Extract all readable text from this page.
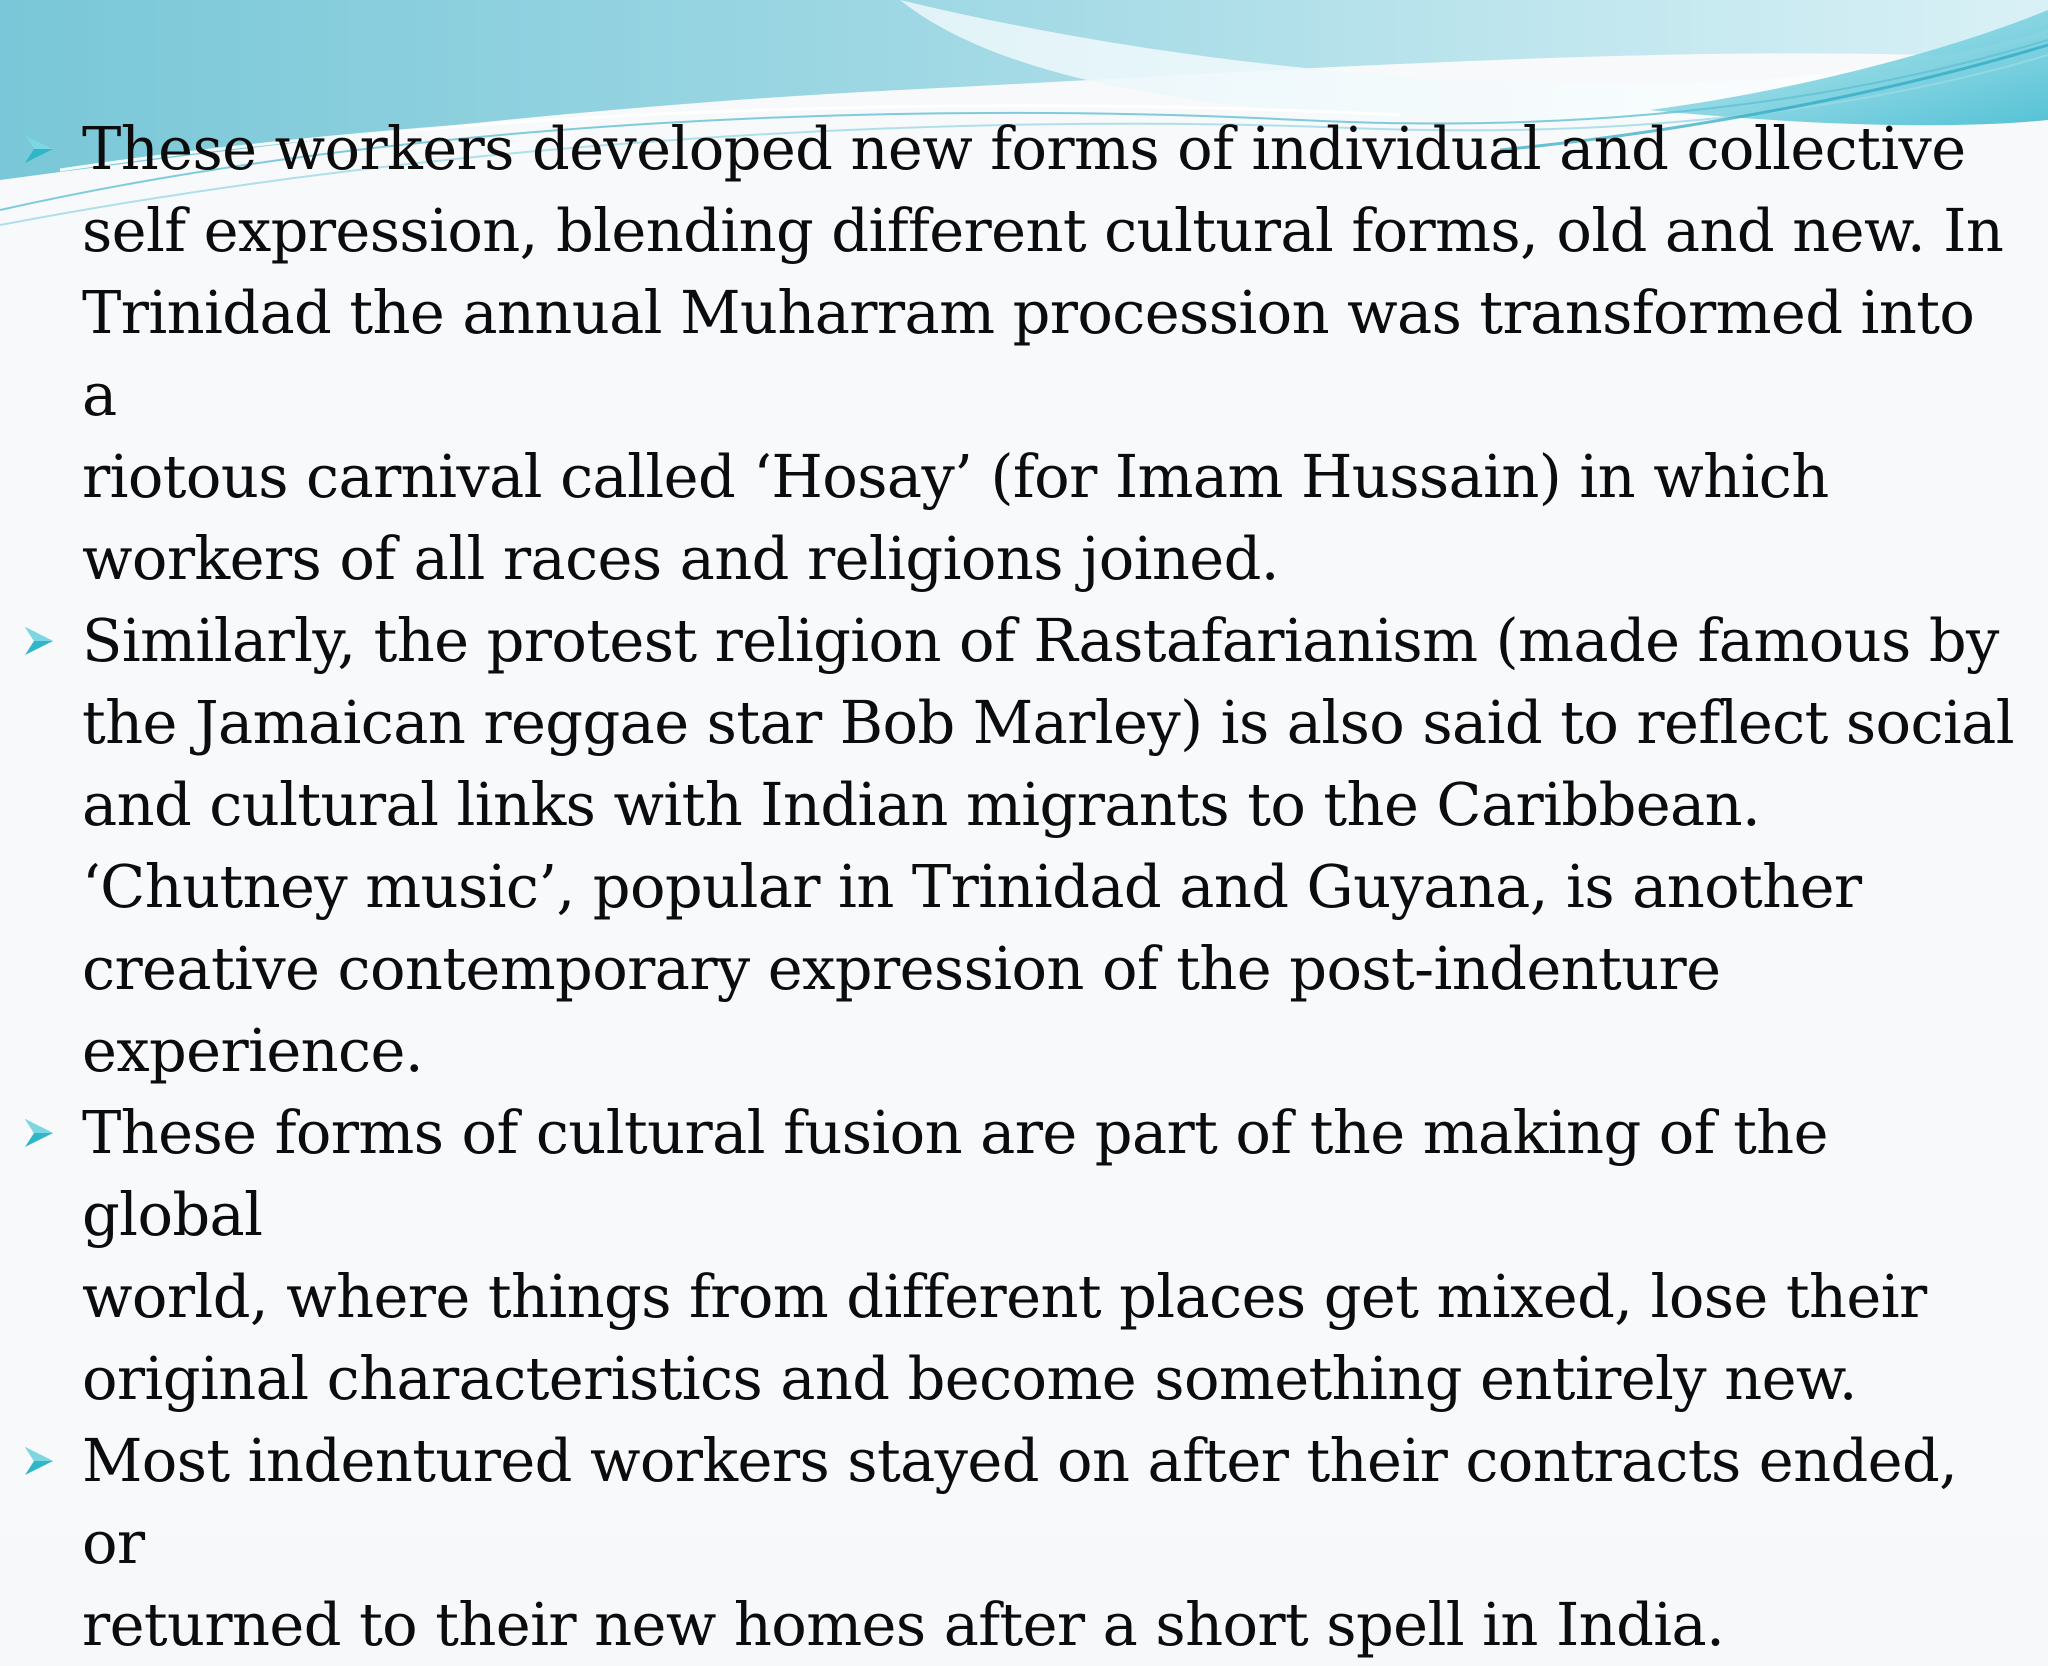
These workers developed new forms of individual and collective
self expression, blending different cultural forms, old and new. In
Trinidad the annual Muharram procession was transformed into a
riotous carnival called ‘Hosay’ (for Imam Hussain) in which
workers of all races and religions joined.
Similarly, the protest religion of Rastafarianism (made famous by
the Jamaican reggae star Bob Marley) is also said to reflect social
and cultural links with Indian migrants to the Caribbean.
‘Chutney music’, popular in Trinidad and Guyana, is another
creative contemporary expression of the post-indenture
experience.
These forms of cultural fusion are part of the making of the global
world, where things from different places get mixed, lose their
original characteristics and become something entirely new.
Most indentured workers stayed on after their contracts ended, or
returned to their new homes after a short spell in India.
